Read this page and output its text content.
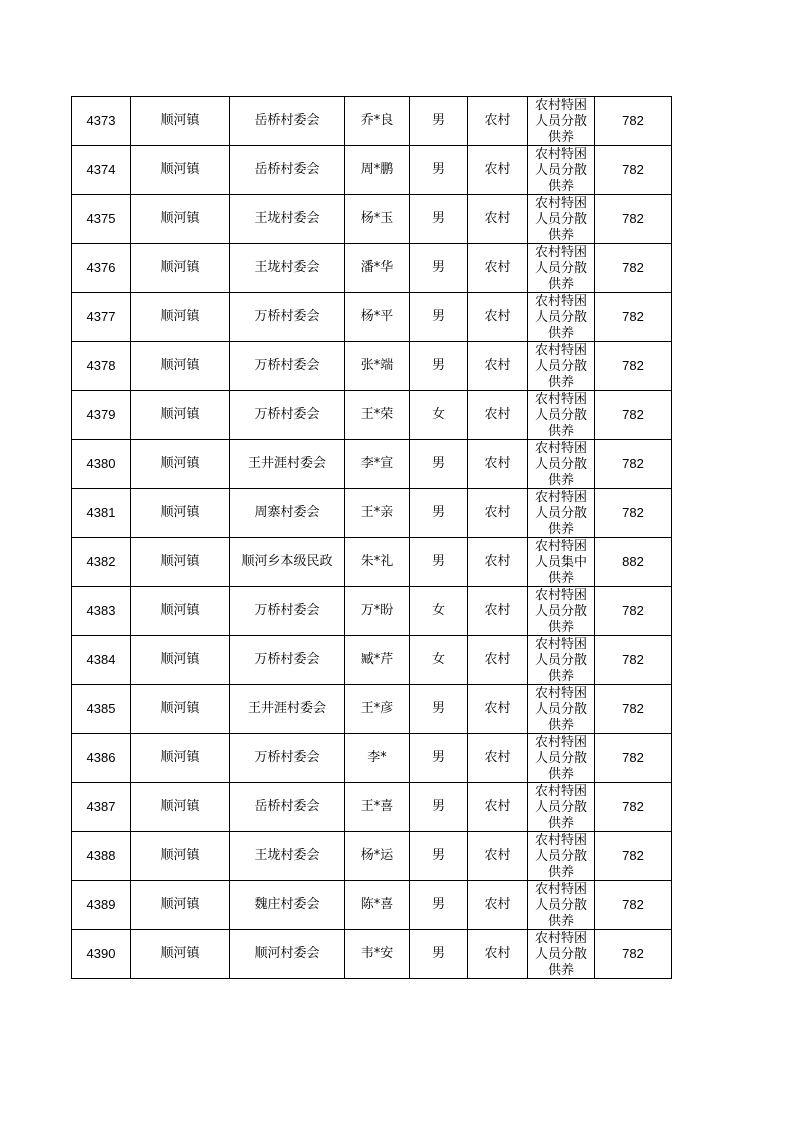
4373	顺河镇	岳桥村委会	乔*良	男	农村	农村特困人员分散供养	782
4374	顺河镇	岳桥村委会	周*鹏	男	农村	农村特困人员分散供养	782
4375	顺河镇	王垅村委会	杨*玉	男	农村	农村特困人员分散供养	782
4376	顺河镇	王垅村委会	潘*华	男	农村	农村特困人员分散供养	782
4377	顺河镇	万桥村委会	杨*平	男	农村	农村特困人员分散供养	782
4378	顺河镇	万桥村委会	张*端	男	农村	农村特困人员分散供养	782
4379	顺河镇	万桥村委会	王*荣	女	农村	农村特困人员分散供养	782
4380	顺河镇	王井涯村委会	李*宣	男	农村	农村特困人员分散供养	782
4381	顺河镇	周寨村委会	王*亲	男	农村	农村特困人员分散供养	782
4382	顺河镇	顺河乡本级民政	朱*礼	男	农村	农村特困人员集中供养	882
4383	顺河镇	万桥村委会	万*盼	女	农村	农村特困人员分散供养	782
4384	顺河镇	万桥村委会	臧*芹	女	农村	农村特困人员分散供养	782
4385	顺河镇	王井涯村委会	王*彦	男	农村	农村特困人员分散供养	782
4386	顺河镇	万桥村委会	李*	男	农村	农村特困人员分散供养	782
4387	顺河镇	岳桥村委会	王*喜	男	农村	农村特困人员分散供养	782
4388	顺河镇	王垅村委会	杨*运	男	农村	农村特困人员分散供养	782
4389	顺河镇	魏庄村委会	陈*喜	男	农村	农村特困人员分散供养	782
4390	顺河镇	顺河村委会	韦*安	男	农村	农村特困人员分散供养	782
